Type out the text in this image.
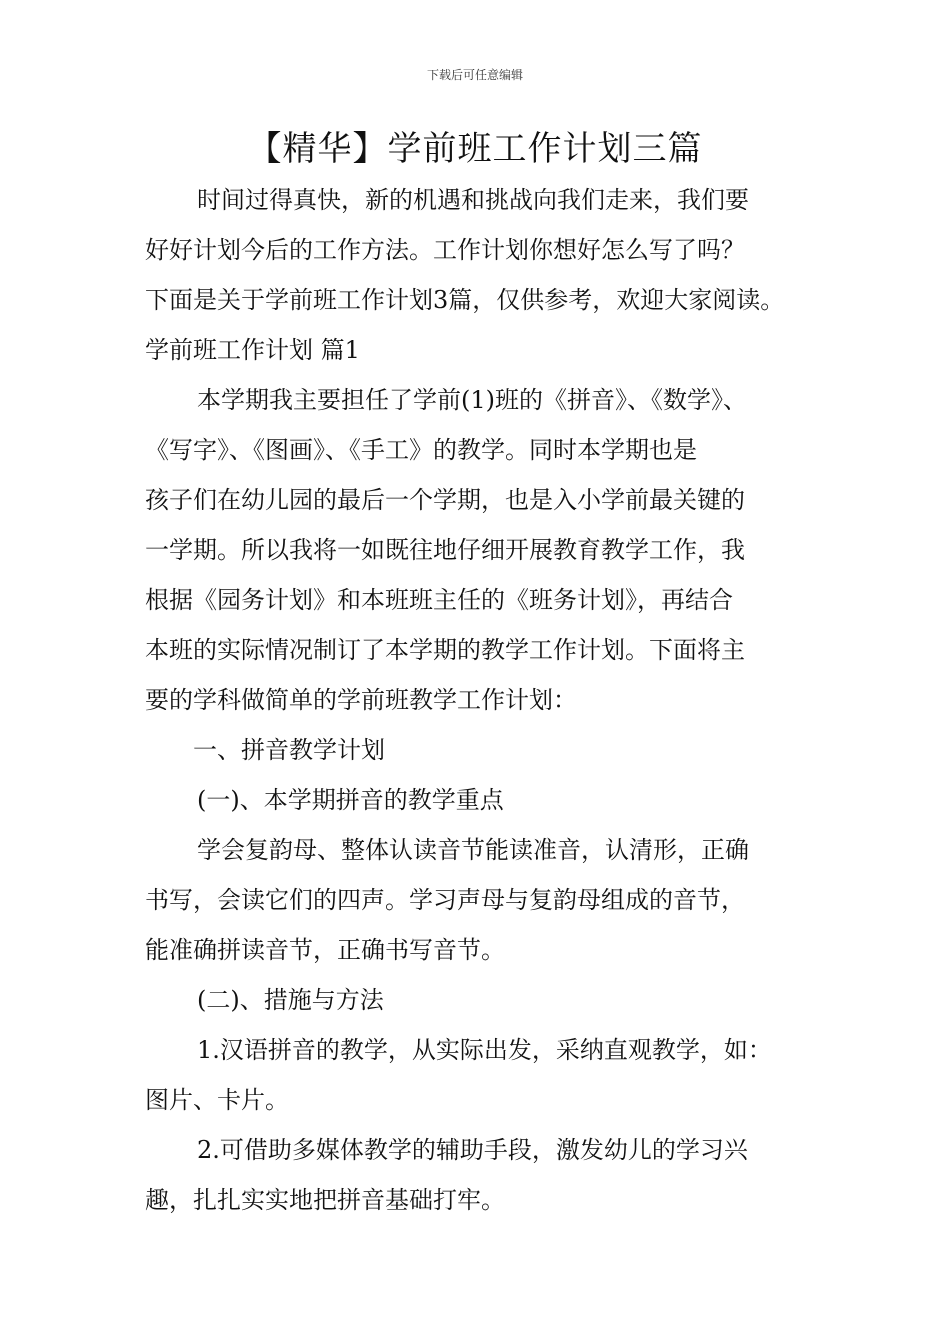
下载后可任意编辑
【精华】学前班工作计划三篇

时间过得真快，新的机遇和挑战向我们走来，我们要

好好计划今后的工作方法。工作计划你想好怎么写了吗？

下面是关于学前班工作计划3篇，仅供参考，欢迎大家阅读。

学前班工作计划 篇1

本学期我主要担任了学前(1)班的《拼音》、《数学》、

《写字》、《图画》、《手工》的教学。同时本学期也是

孩子们在幼儿园的最后一个学期，也是入小学前最关键的

一学期。所以我将一如既往地仔细开展教育教学工作，我

根据《园务计划》和本班班主任的《班务计划》，再结合

本班的实际情况制订了本学期的教学工作计划。下面将主

要的学科做简单的学前班教学工作计划：

一、拼音教学计划

(一)、本学期拼音的教学重点

学会复韵母、整体认读音节能读准音，认清形，正确

书写，会读它们的四声。学习声母与复韵母组成的音节，

能准确拼读音节，正确书写音节。

(二)、措施与方法

1.汉语拼音的教学，从实际出发，采纳直观教学，如：

图片、卡片。

2.可借助多媒体教学的辅助手段，激发幼儿的学习兴

趣，扎扎实实地把拼音基础打牢。
